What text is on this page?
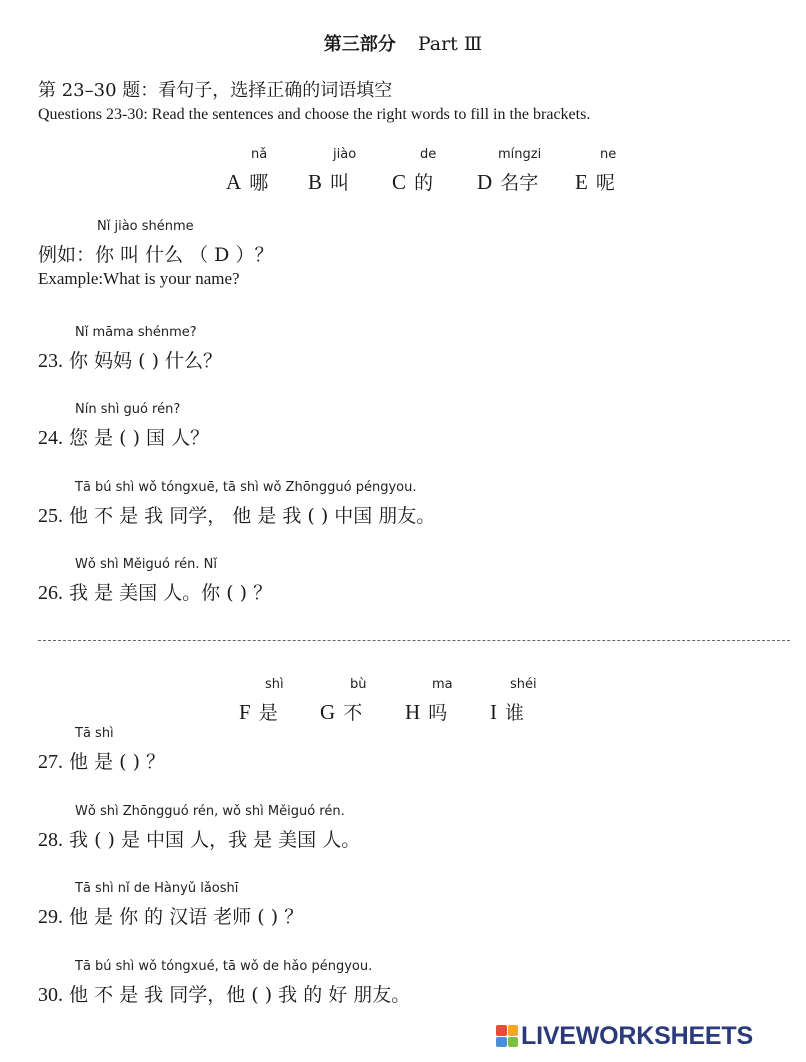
第三部分 Part Ⅲ
第 23–30 题：看句子，选择正确的词语填空
Questions 23-30: Read the sentences and choose the right words to fill in the brackets.
nǎ
A 哪
jiào
B 叫
de
C 的
míngzi
D 名字
ne
E 呢
Nǐ jiào shénme
例如：你 叫 什么 （ D ）？
Example:What is your name?
Nǐ māma shénme?
23. 你 妈妈 ( ) 什么？
Nín shì guó rén?
24. 您 是 ( ) 国 人？
Tā bú shì wǒ tóngxuē, tā shì wǒ Zhōngguó péngyou.
25. 他 不 是 我 同学， 他 是 我 ( ) 中国 朋友。
Wǒ shì Měiguó rén. Nǐ
26. 我 是 美国 人。你 ( ) ？
shì
F 是
bù
G 不
ma
H 吗
shéi
I 谁
Tā shì
27. 他 是 ( ) ？
Wǒ shì Zhōngguó rén, wǒ shì Měiguó rén.
28. 我 ( ) 是 中国 人，我 是 美国 人。
Tā shì nǐ de Hànyǔ lǎoshī
29. 他 是 你 的 汉语 老师 ( ) ？
Tā bú shì wǒ tóngxué, tā wǒ de hǎo péngyou.
30. 他 不 是 我 同学，他 ( ) 我 的 好 朋友。
LIVEWORKSHEETS
